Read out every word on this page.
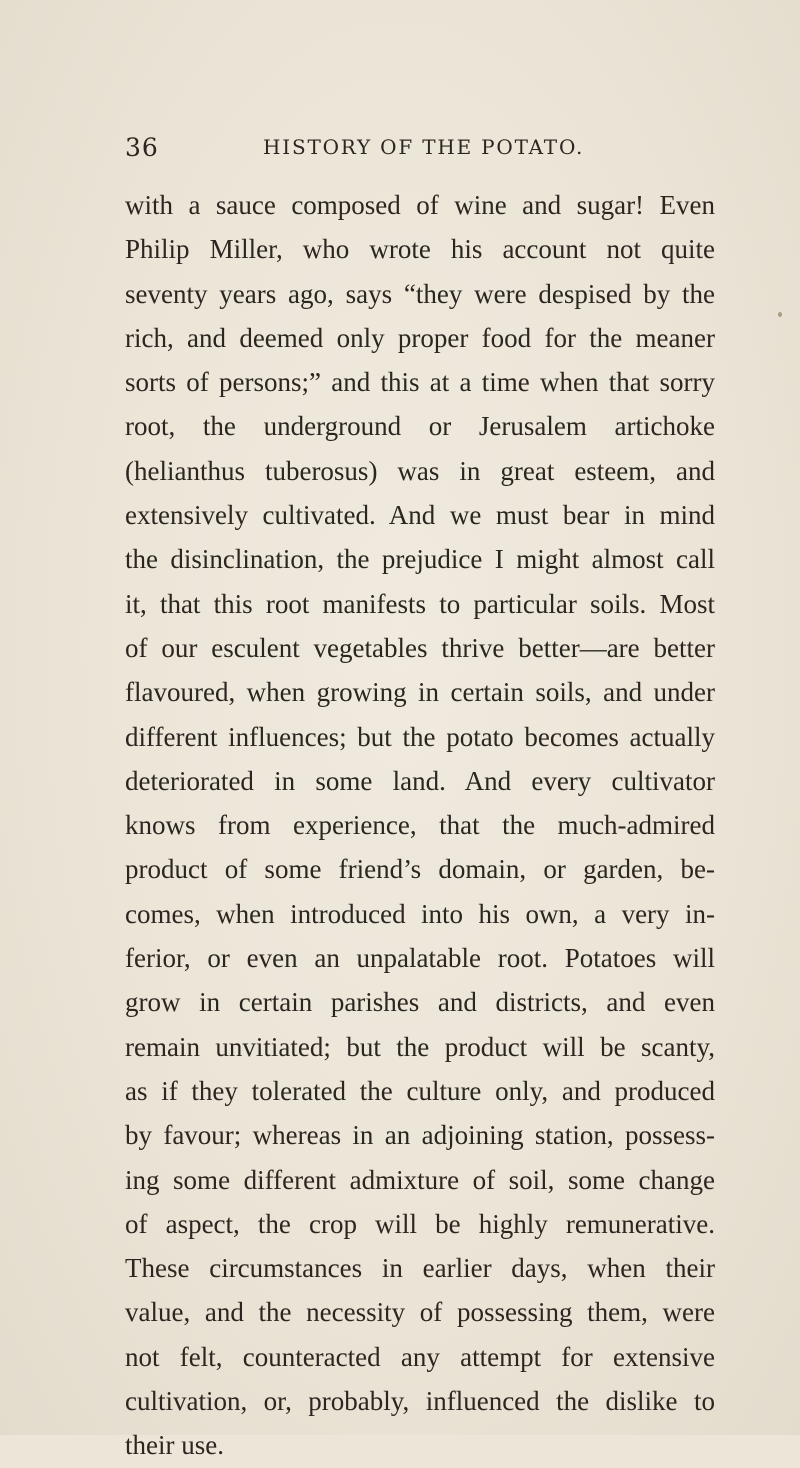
36	HISTORY OF THE POTATO.
with a sauce composed of wine and sugar! Even
Philip Miller, who wrote his account not quite
seventy years ago, says “they were despised by the
rich, and deemed only proper food for the meaner
sorts of persons;” and this at a time when that sorry
root, the underground or Jerusalem artichoke
(helianthus tuberosus) was in great esteem, and
extensively cultivated. And we must bear in mind
the disinclination, the prejudice I might almost call
it, that this root manifests to particular soils. Most
of our esculent vegetables thrive better—are better
flavoured, when growing in certain soils, and under
different influences; but the potato becomes actually
deteriorated in some land. And every cultivator
knows from experience, that the much-admired
product of some friend’s domain, or garden, be-
comes, when introduced into his own, a very in-
ferior, or even an unpalatable root. Potatoes will
grow in certain parishes and districts, and even
remain unvitiated; but the product will be scanty,
as if they tolerated the culture only, and produced
by favour; whereas in an adjoining station, possess-
ing some different admixture of soil, some change
of aspect, the crop will be highly remunerative.
These circumstances in earlier days, when their
value, and the necessity of possessing them, were
not felt, counteracted any attempt for extensive
cultivation, or, probably, influenced the dislike to
their use.
